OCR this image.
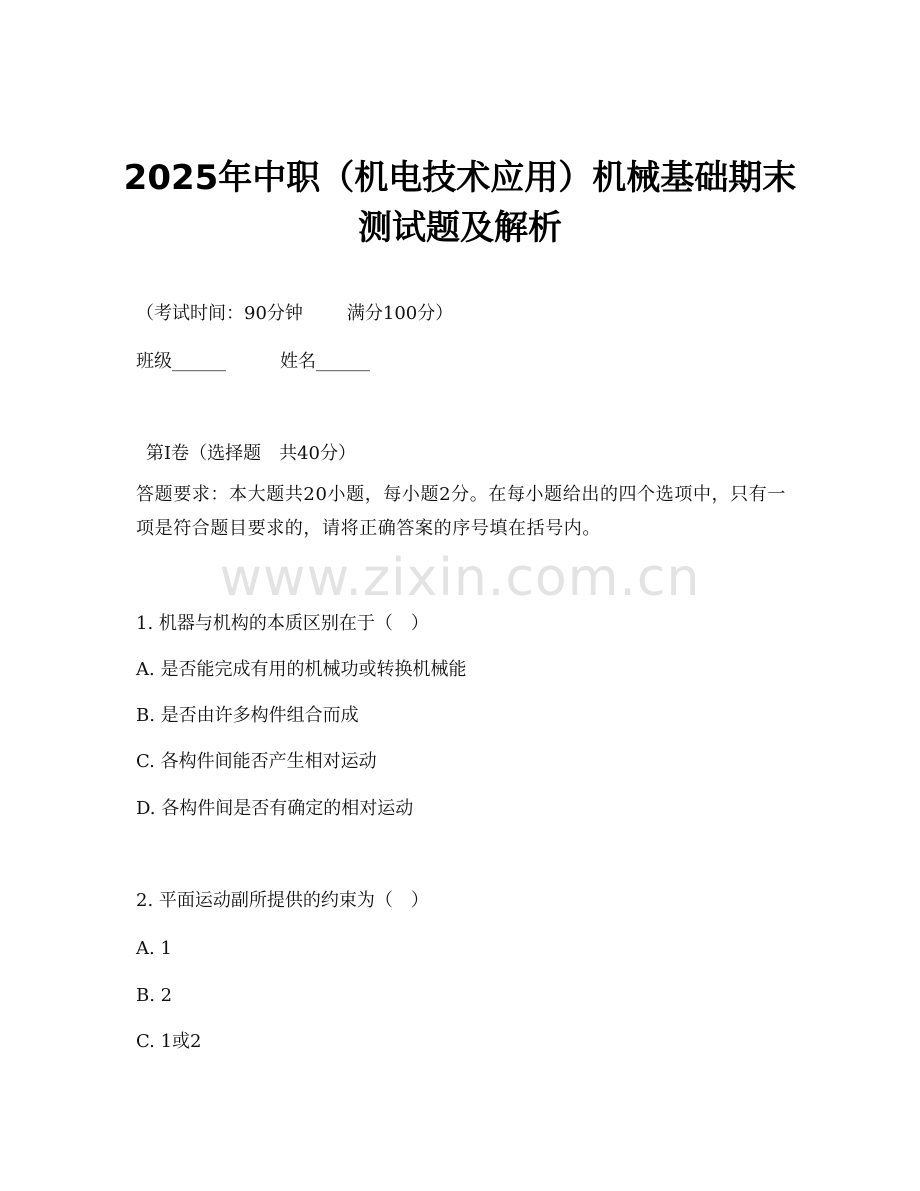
2025年中职（机电技术应用）机械基础期末
测试题及解析

（考试时间：90分钟 满分100分）

班级______	姓名______

第Ⅰ卷（选择题　共40分）

答题要求：本大题共20小题，每小题2分。在每小题给出的四个选项中，只有一项是符合题目要求的，请将正确答案的序号填在括号内。

www.zixin.com.cn

1. 机器与机构的本质区别在于（　）

A. 是否能完成有用的机械功或转换机械能

B. 是否由许多构件组合而成

C. 各构件间能否产生相对运动

D. 各构件间是否有确定的相对运动

2. 平面运动副所提供的约束为（　）

A. 1

B. 2

C. 1或2
